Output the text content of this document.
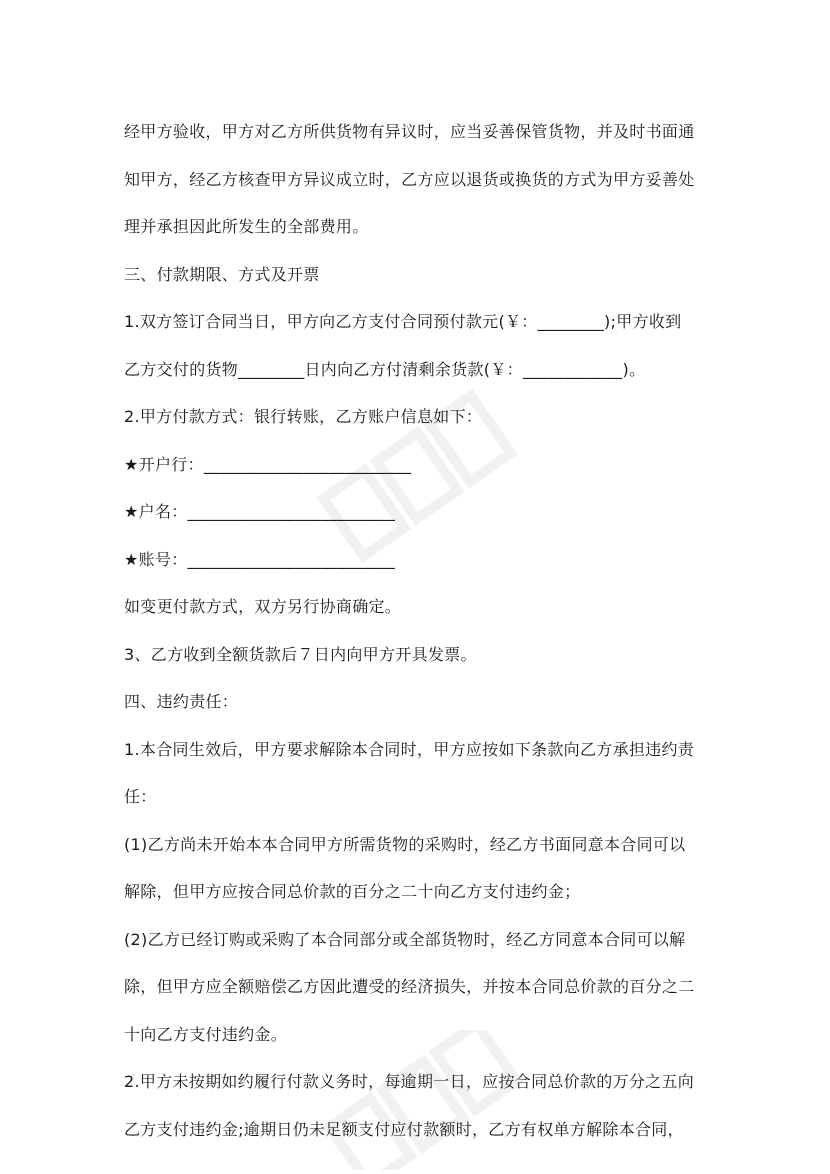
经甲方验收，甲方对乙方所供货物有异议时，应当妥善保管货物，并及时书面通
知甲方，经乙方核查甲方异议成立时，乙方应以退货或换货的方式为甲方妥善处
理并承担因此所发生的全部费用。
三、付款期限、方式及开票
1.双方签订合同当日，甲方向乙方支付合同预付款元(￥：________);甲方收到
乙方交付的货物________日内向乙方付清剩余货款(￥：____________)。
2.甲方付款方式：银行转账，乙方账户信息如下：
★开户行：_________________________
★户名：_________________________
★账号：_________________________
如变更付款方式，双方另行协商确定。
3、乙方收到全额货款后７日内向甲方开具发票。
四、违约责任：
1.本合同生效后，甲方要求解除本合同时，甲方应按如下条款向乙方承担违约责
任：
(1)乙方尚未开始本本合同甲方所需货物的采购时，经乙方书面同意本合同可以
解除，但甲方应按合同总价款的百分之二十向乙方支付违约金；
(2)乙方已经订购或采购了本合同部分或全部货物时，经乙方同意本合同可以解
除，但甲方应全额赔偿乙方因此遭受的经济损失，并按本合同总价款的百分之二
十向乙方支付违约金。
2.甲方未按期如约履行付款义务时，每逾期一日，应按合同总价款的万分之五向
乙方支付违约金;逾期日仍未足额支付应付款额时，乙方有权单方解除本合同，
